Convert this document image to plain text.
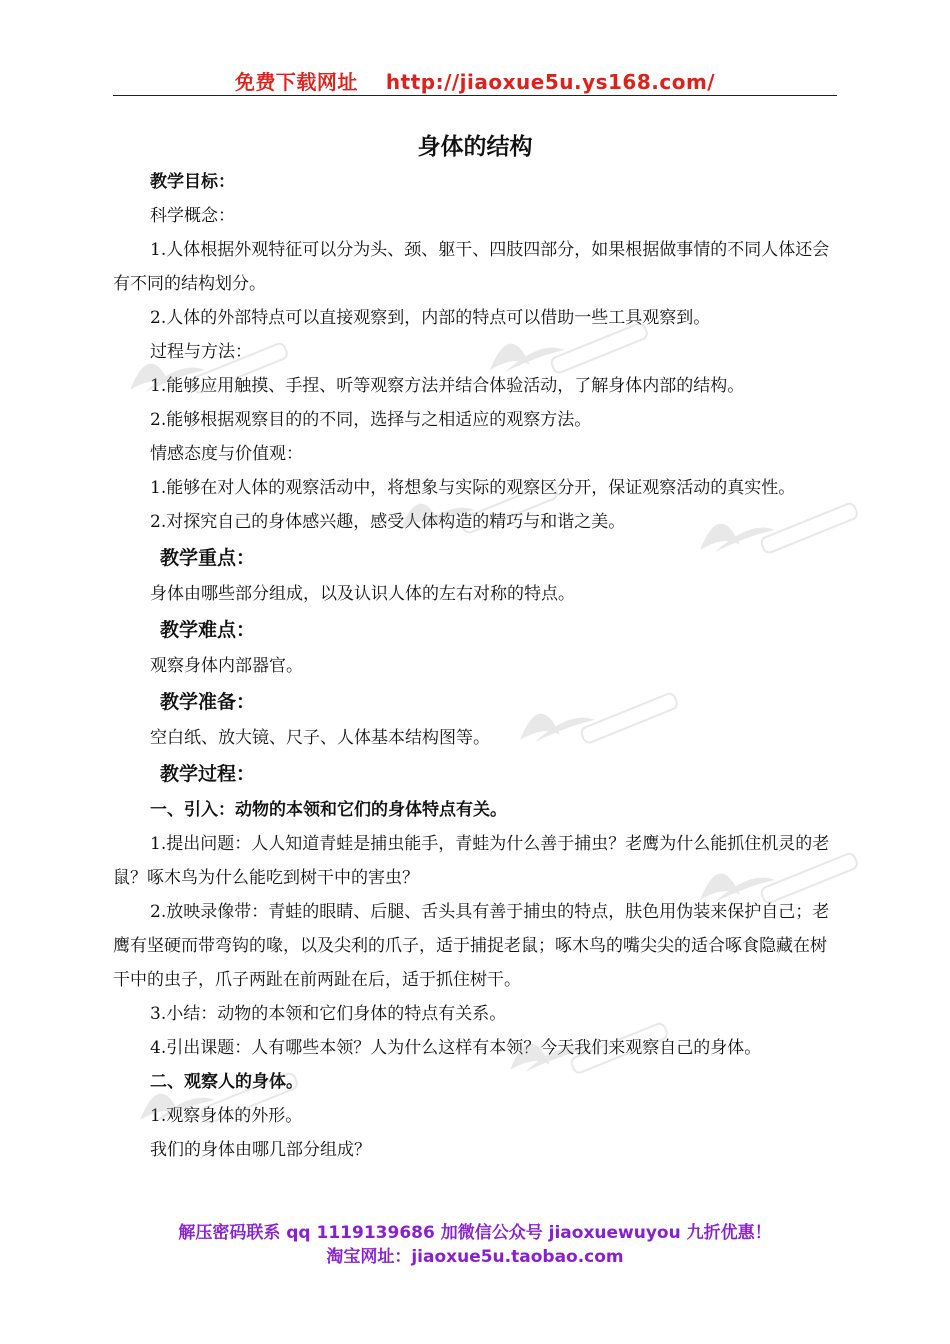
免费下载网址 http://jiaoxue5u.ys168.com/
身体的结构

教学目标：

科学概念：

1.人体根据外观特征可以分为头、颈、躯干、四肢四部分，如果根据做事情的不同人体还会有不同的结构划分。

2.人体的外部特点可以直接观察到，内部的特点可以借助一些工具观察到。

过程与方法：

1.能够应用触摸、手捏、听等观察方法并结合体验活动，了解身体内部的结构。

2.能够根据观察目的的不同，选择与之相适应的观察方法。

情感态度与价值观：

1.能够在对人体的观察活动中，将想象与实际的观察区分开，保证观察活动的真实性。

2.对探究自己的身体感兴趣，感受人体构造的精巧与和谐之美。

教学重点：

身体由哪些部分组成，以及认识人体的左右对称的特点。

教学难点：

观察身体内部器官。

教学准备：

空白纸、放大镜、尺子、人体基本结构图等。

教学过程：

一、引入：动物的本领和它们的身体特点有关。

1.提出问题：人人知道青蛙是捕虫能手，青蛙为什么善于捕虫？老鹰为什么能抓住机灵的老鼠？啄木鸟为什么能吃到树干中的害虫？

2.放映录像带：青蛙的眼睛、后腿、舌头具有善于捕虫的特点，肤色用伪装来保护自己；老鹰有坚硬而带弯钩的喙，以及尖利的爪子，适于捕捉老鼠；啄木鸟的嘴尖尖的适合啄食隐藏在树干中的虫子，爪子两趾在前两趾在后，适于抓住树干。

3.小结：动物的本领和它们身体的特点有关系。

4.引出课题：人有哪些本领？人为什么这样有本领？今天我们来观察自己的身体。

二、观察人的身体。

1.观察身体的外形。

我们的身体由哪几部分组成？

解压密码联系 qq 1119139686 加微信公众号 jiaoxuewuyou 九折优惠！
淘宝网址：jiaoxue5u.taobao.com
